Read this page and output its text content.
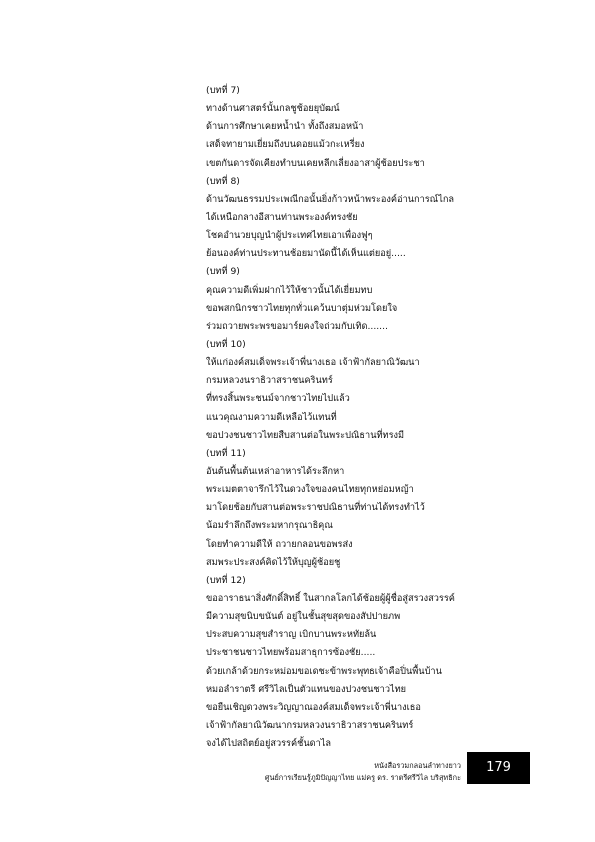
(บทที่ 7)
ทางด้านศาสตร์นั้นกลชูช้อยยุบัฒน์
ด้านการศึกษาเคยหน้ำนำ ทั้งถึงสมอหน้า
เสด็จทายามเยี่ยมถึงบนดอยแม้วกะเหรี่ยง
เขตกันดารจัดเคียงทำบนเคยหลีกเลี่ยงอาสาผู้ช้อยประชา
(บทที่ 8)
ด้านวัฒนธรรมประเพณีกอนั้นยิ่งก้าวหน้าพระองค์อ่านการณ์ไกล
ได้เหนือกลางอีสานท่านพระองค์ทรงชัย
โชคอำนวยบุญนำผู้ประเทศไทยเอาเพื่องฟูๆ
ย้อนองค์ท่านประทานช้อยมานัดนี้ได้เห็นแต่ยอยู่.....
(บทที่ 9)
คุณความดีเพิ่มฝากไว้ให้ชาวนั้นได้เยี่ยมทบ
ขอพสกนิกรชาวไทยทุกทั่วแคว้นบาตุ่มห่วมโดยใจ
ร่วมถวายพระพรขอมาร์ยคงใจถ่วมกับเทิด.......
(บทที่ 10)
ให้แก่องค์สมเด็จพระเจ้าพี่นางเธอ เจ้าฟ้ากัลยาณิวัฒนา
กรมหลวงนราธิวาสราชนครินทร์
ที่ทรงสิ้นพระชนม์จากชาวไทยไปแล้ว
แนวคุณงามความดีเหลือไว้แทนที่
ขอปวงชนชาวไทยสืบสานต่อในพระปณิธานที่ทรงมี
(บทที่ 11)
อันต้นพื้นต้นเหล่าอาหารได้ระลึกหา
พระเมตตาจารึกไว้ในดวงใจของคนไทยทุกหย่อมหญ้า
มาโดยช้อยกับสานต่อพระราชปณิธานที่ท่านได้ทรงทำไว้
น้อมรำลึกถึงพระมหากรุณาธิคุณ
โดยทำความดีให้ ถวายกลอนขอพรส่ง
สมพระประสงค์คิดไว้ให้บุญผู้ช้อยชู
(บทที่ 12)
ขออาราธนาสิ่งศักดิ์สิทธิ์ ในสากลโลกได้ช้อยผู้ผู้ชื่อสู่สรวงสวรรค์
มีความสุขนิบขนันต์ อยู่ในชั้นสุขสุดของสัปปายภพ
ประสบความสุขสำราญ เบิกบานพระหทัยล้น
ประชาชนชาวไทยพร้อมสาธุการซ้องชัย.....
ด้วยเกล้าด้วยกระหม่อมขอเดชะข้าพระพุทธเจ้าคือปิ่นพื้นบ้าน
หมอลำราตรี ศรีวิไลเป็นตัวแทนของปวงชนชาวไทย
ขอยืนเชิญดวงพระวิญญาณองค์สมเด็จพระเจ้าพี่นางเธอ
เจ้าฟ้ากัลยาณิวัฒนากรมหลวงนราธิวาสราชนครินทร์
จงได้ไปสถิตย์อยู่สวรรค์ชั้นดาไล
หนังสือรวมกลอนลำทางยาว
ศูนย์การเรียนรู้ภูมิปัญญาไทย แม่ครู ดร. ราตรีศรีวิไล บริสุทธิกะ
179
